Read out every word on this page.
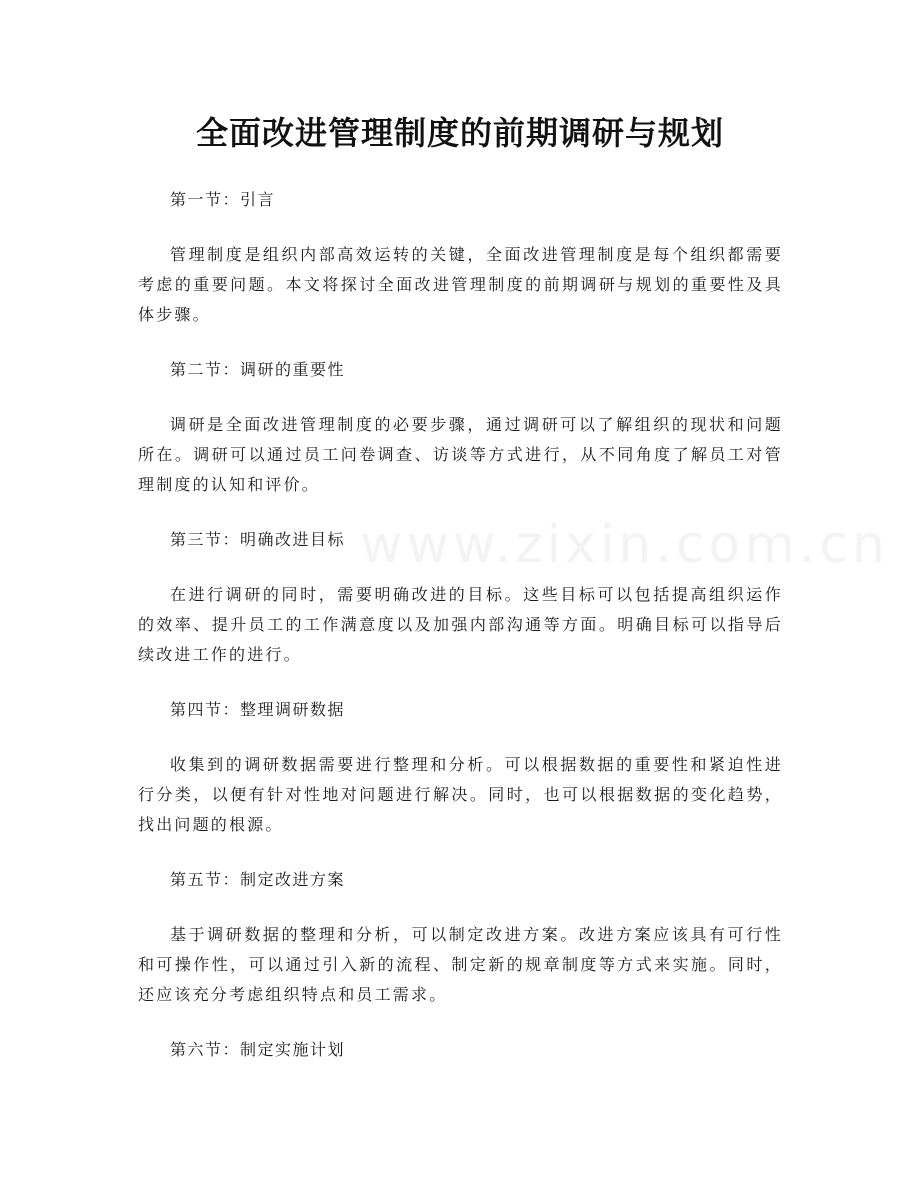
www.zixin.com.cn
全面改进管理制度的前期调研与规划

第一节：引言

管理制度是组织内部高效运转的关键，全面改进管理制度是每个组织都需要考虑的重要问题。本文将探讨全面改进管理制度的前期调研与规划的重要性及具体步骤。

第二节：调研的重要性

调研是全面改进管理制度的必要步骤，通过调研可以了解组织的现状和问题所在。调研可以通过员工问卷调查、访谈等方式进行，从不同角度了解员工对管理制度的认知和评价。

第三节：明确改进目标

在进行调研的同时，需要明确改进的目标。这些目标可以包括提高组织运作的效率、提升员工的工作满意度以及加强内部沟通等方面。明确目标可以指导后续改进工作的进行。

第四节：整理调研数据

收集到的调研数据需要进行整理和分析。可以根据数据的重要性和紧迫性进行分类，以便有针对性地对问题进行解决。同时，也可以根据数据的变化趋势，找出问题的根源。

第五节：制定改进方案

基于调研数据的整理和分析，可以制定改进方案。改进方案应该具有可行性和可操作性，可以通过引入新的流程、制定新的规章制度等方式来实施。同时，还应该充分考虑组织特点和员工需求。

第六节：制定实施计划
